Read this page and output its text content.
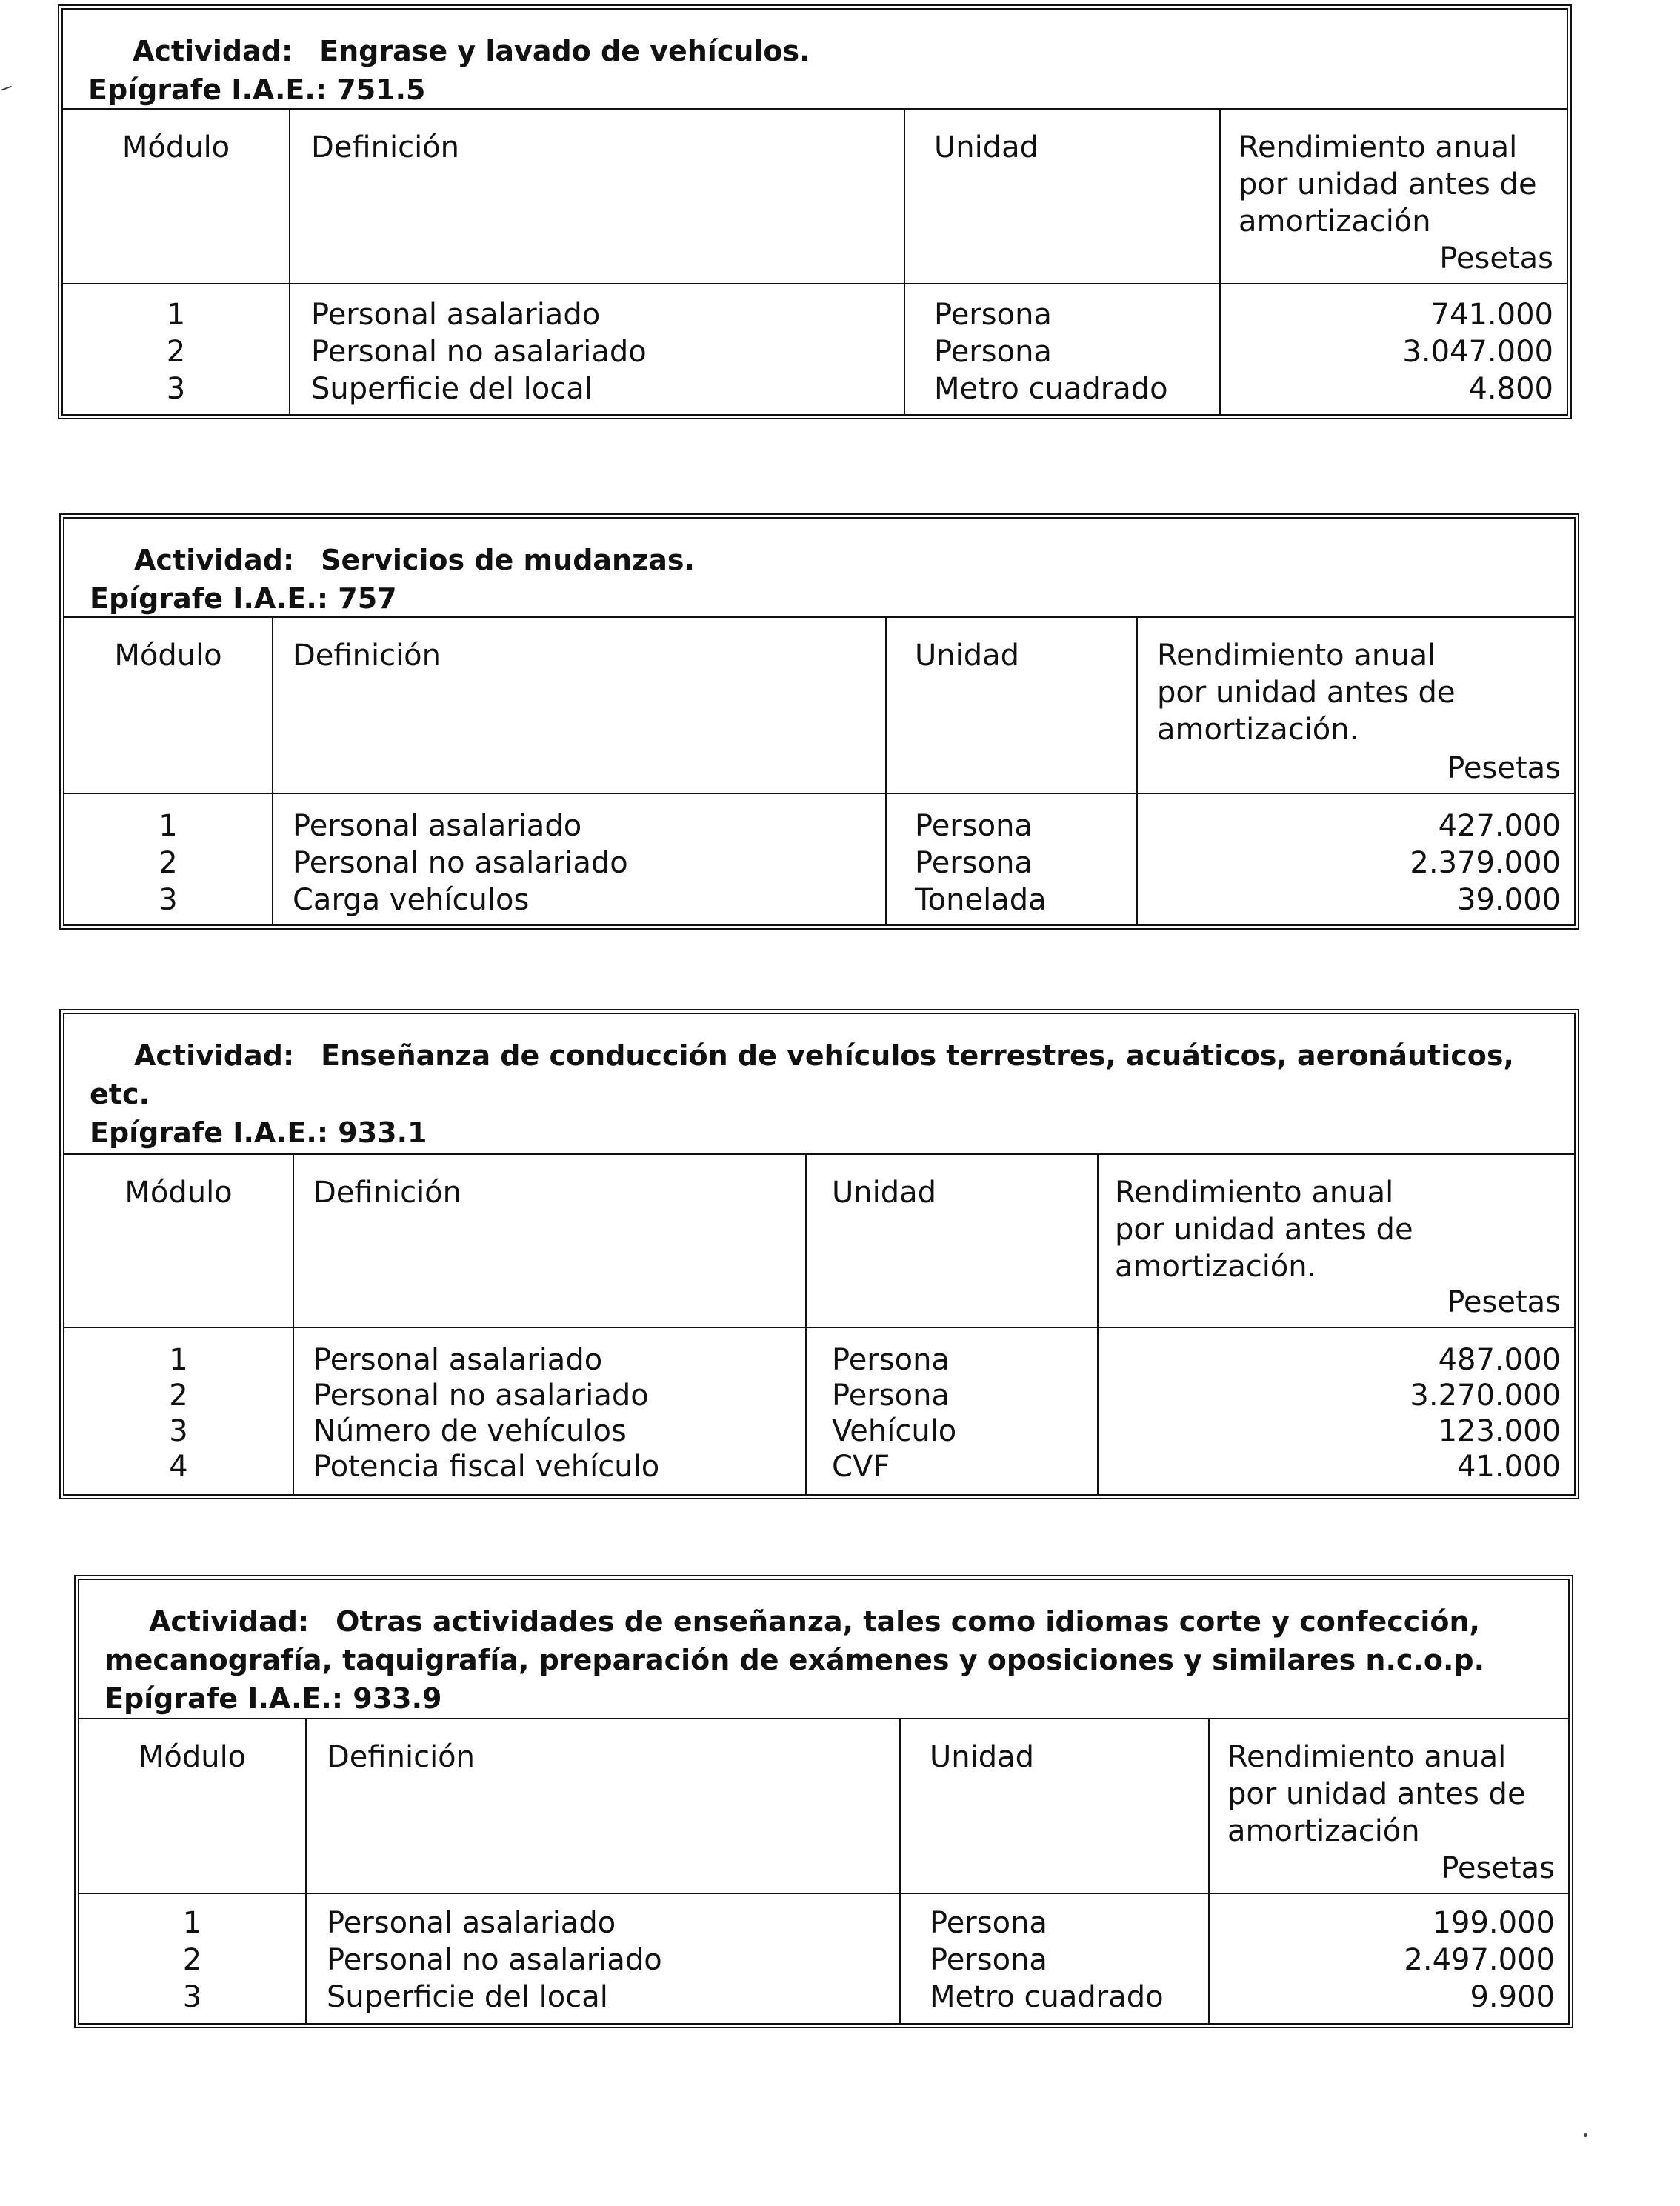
Actividad: Engrase y lavado de vehículos.
Epígrafe I.A.E.: 751.5
Módulo	Definición	Unidad	Rendimiento anual
por unidad antes de
amortización
Pesetas
1	Personal asalariado	Persona	741.000
2	Personal no asalariado	Persona	3.047.000
3	Superficie del local	Metro cuadrado	4.800
Actividad: Servicios de mudanzas.
Epígrafe I.A.E.: 757
Módulo	Definición	Unidad	Rendimiento anual
por unidad antes de
amortización.
Pesetas
1	Personal asalariado	Persona	427.000
2	Personal no asalariado	Persona	2.379.000
3	Carga vehículos	Tonelada	39.000
Actividad: Enseñanza de conducción de vehículos terrestres, acuáticos, aeronáuticos,
etc.
Epígrafe I.A.E.: 933.1
Módulo	Definición	Unidad	Rendimiento anual
por unidad antes de
amortización.
Pesetas
1	Personal asalariado	Persona	487.000
2	Personal no asalariado	Persona	3.270.000
3	Número de vehículos	Vehículo	123.000
4	Potencia fiscal vehículo	CVF	41.000
Actividad: Otras actividades de enseñanza, tales como idiomas corte y confección,
mecanografía, taquigrafía, preparación de exámenes y oposiciones y similares n.c.o.p.
Epígrafe I.A.E.: 933.9
Módulo	Definición	Unidad	Rendimiento anual
por unidad antes de
amortización
Pesetas
1	Personal asalariado	Persona	199.000
2	Personal no asalariado	Persona	2.497.000
3	Superficie del local	Metro cuadrado	9.900
